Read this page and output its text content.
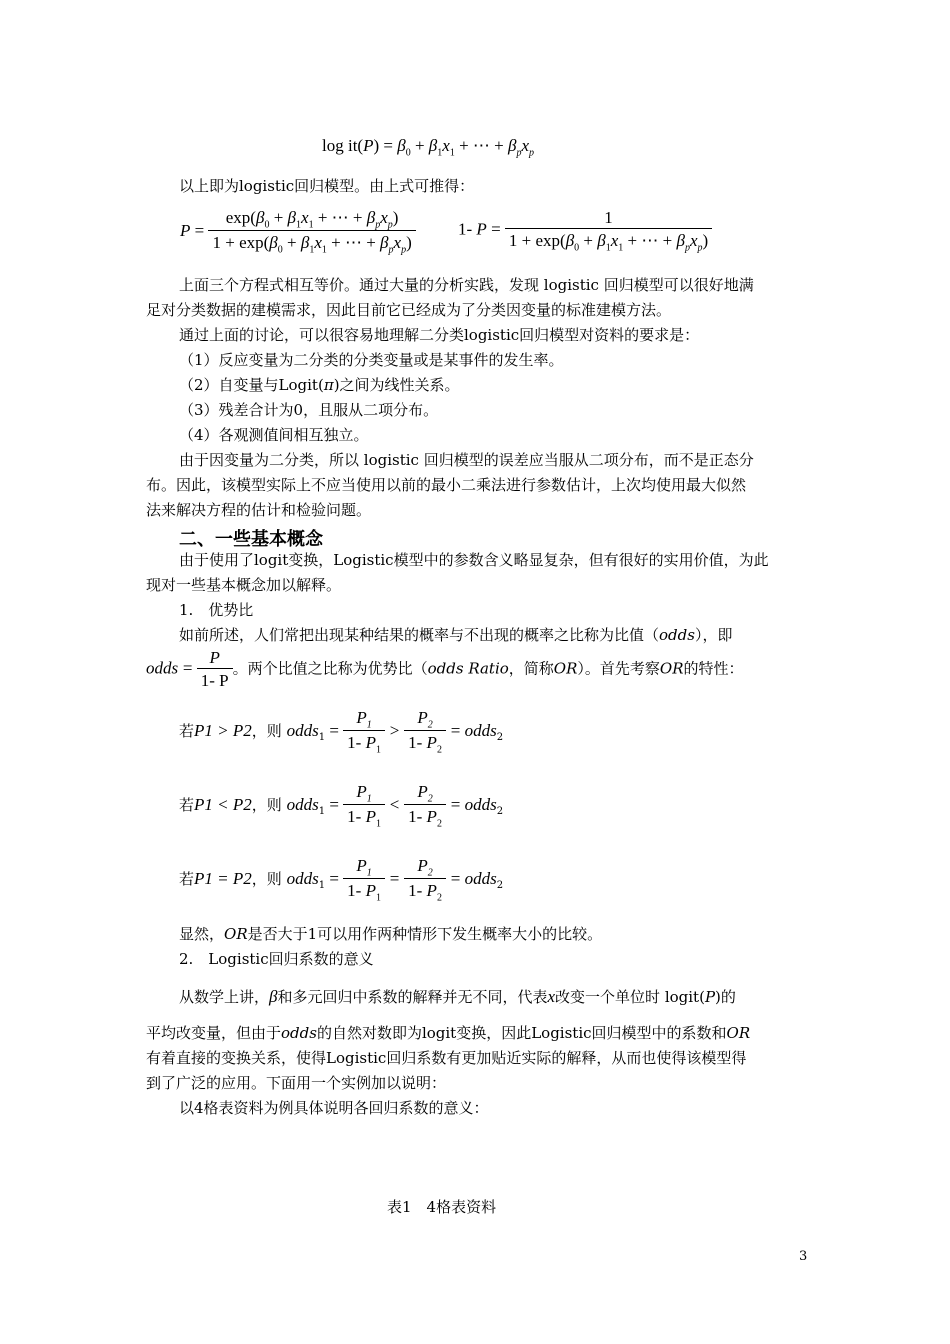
$\log it(P) = \beta_0 + \beta_1x_1$ + ⋯ + $\beta_px_p$
以上即为logistic回归模型。由上式可推得：
$P = \frac{\exp(\beta_0 + \beta_1x_1 + \cdots + \beta_px_p)}{1 + \exp(\beta_0 + \beta_1x_1 + \cdots + \beta_px_p)} 1-$ $P = \frac{1}{1 + \exp(\beta_0 + \beta_1x_1 + \cdots + \beta_px_p)}$
上面三个方程式相互等价。通过大量的分析实践，发现 logistic 回归模型可以很好地满
足对分类数据的建模需求，因此目前它已经成为了分类因变量的标准建模方法。
通过上面的讨论，可以很容易地理解二分类logistic回归模型对资料的要求是：
（1）反应变量为二分类的分类变量或是某事件的发生率。
（2）自变量与Logit(π)之间为线性关系。
（3）残差合计为0，且服从二项分布。
（4）各观测值间相互独立。
由于因变量为二分类，所以 logistic 回归模型的误差应当服从二项分布，而不是正态分
布。因此，该模型实际上不应当使用以前的最小二乘法进行参数估计，上次均使用最大似然
法来解决方程的估计和检验问题。
二、一些基本概念
由于使用了logit变换，Logistic模型中的参数含义略显复杂，但有很好的实用价值，为此
现对一些基本概念加以解释。
1.　优势比
如前所述，人们常把出现某种结果的概率与不出现的概率之比称为比值（odds），即
odds = $\frac{P}{1- P}$ 。两个比值之比称为优势比（odds Ratio，简称OR）。首先考察OR的特性：
若P1 > P2，则 odds$_1$ = $\frac{P_1}{1- P_1} > \frac{P_2}{1- P_2}$ = odds$_2$
若P1 < P2，则 odds$_1$ = $\frac{P_1}{1- P_1} < \frac{P_2}{1- P_2}$ = odds$_2$
若P1 = P2，则 odds$_1$ = $\frac{P_1}{1- P_1} = \frac{P_2}{1- P_2}$ = odds$_2$
显然，OR是否大于1可以用作两种情形下发生概率大小的比较。
2.　Logistic回归系数的意义
从数学上讲，β和多元回归中系数的解释并无不同，代表x改变一个单位时 logit(P)的
平均改变量，但由于odds的自然对数即为logit变换，因此Logistic回归模型中的系数和OR
有着直接的变换关系，使得Logistic回归系数有更加贴近实际的解释，从而也使得该模型得
到了广泛的应用。下面用一个实例加以说明：
以4格表资料为例具体说明各回归系数的意义：
表1　4格表资料
3
